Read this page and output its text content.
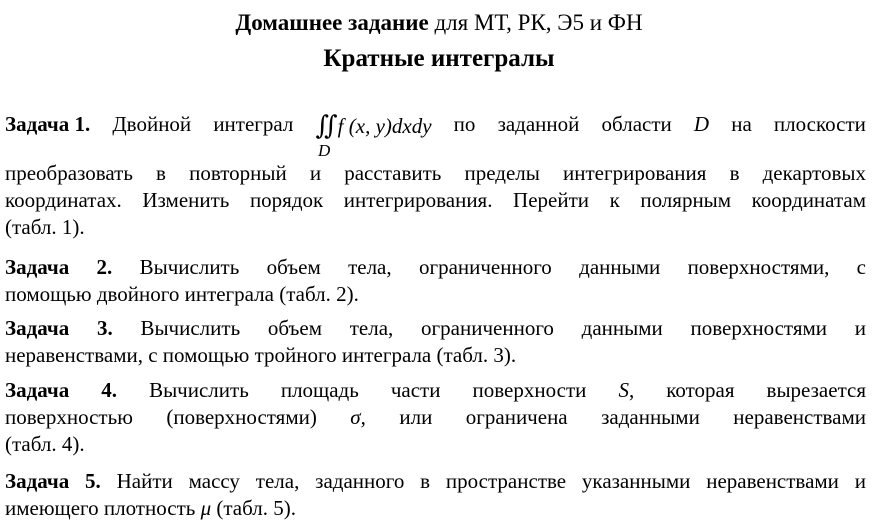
Домашнее задание для МТ, РК, Э5 и ФН
Кратные интегралы
Задача 1. Двойной интеграл ∬ f (x, y)dxdy по заданной области D на плоскости
D
преобразовать в повторный и расставить пределы интегрирования в декартовых
координатах. Изменить порядок интегрирования. Перейти к полярным координатам
(табл. 1).
Задача 2. Вычислить объем тела, ограниченного данными поверхностями, с
помощью двойного интеграла (табл. 2).
Задача 3. Вычислить объем тела, ограниченного данными поверхностями и
неравенствами, с помощью тройного интеграла (табл. 3).
Задача 4. Вычислить площадь части поверхности S, которая вырезается
поверхностью (поверхностями) σ, или ограничена заданными неравенствами
(табл. 4).
Задача 5. Найти массу тела, заданного в пространстве указанными неравенствами и
имеющего плотность μ (табл. 5).
